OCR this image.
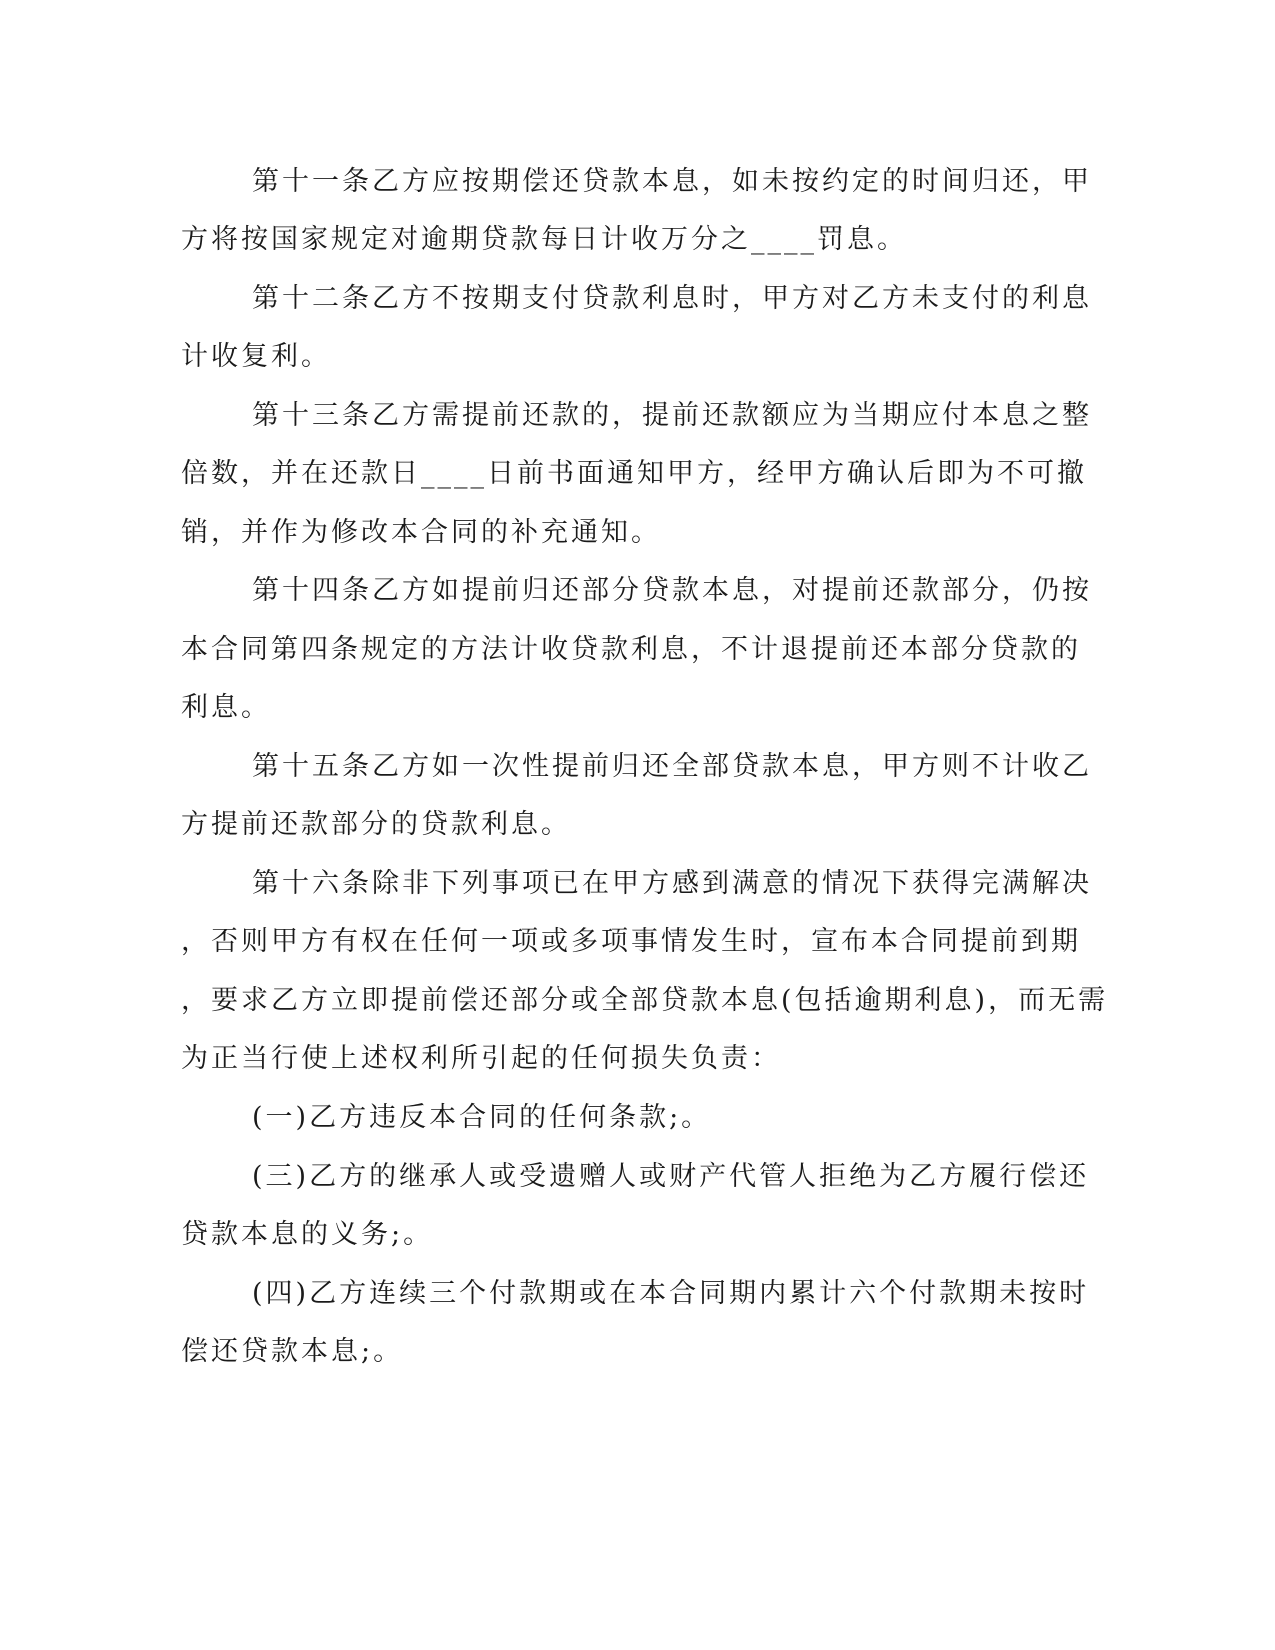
第十一条乙方应按期偿还贷款本息，如未按约定的时间归还，甲
方将按国家规定对逾期贷款每日计收万分之____罚息。
第十二条乙方不按期支付贷款利息时，甲方对乙方未支付的利息
计收复利。
第十三条乙方需提前还款的，提前还款额应为当期应付本息之整
倍数，并在还款日____日前书面通知甲方，经甲方确认后即为不可撤
销，并作为修改本合同的补充通知。
第十四条乙方如提前归还部分贷款本息，对提前还款部分，仍按
本合同第四条规定的方法计收贷款利息，不计退提前还本部分贷款的
利息。
第十五条乙方如一次性提前归还全部贷款本息，甲方则不计收乙
方提前还款部分的贷款利息。
第十六条除非下列事项已在甲方感到满意的情况下获得完满解决
，否则甲方有权在任何一项或多项事情发生时，宣布本合同提前到期
，要求乙方立即提前偿还部分或全部贷款本息(包括逾期利息)，而无需
为正当行使上述权利所引起的任何损失负责：
(一)乙方违反本合同的任何条款;。
(三)乙方的继承人或受遗赠人或财产代管人拒绝为乙方履行偿还
贷款本息的义务;。
(四)乙方连续三个付款期或在本合同期内累计六个付款期未按时
偿还贷款本息;。
